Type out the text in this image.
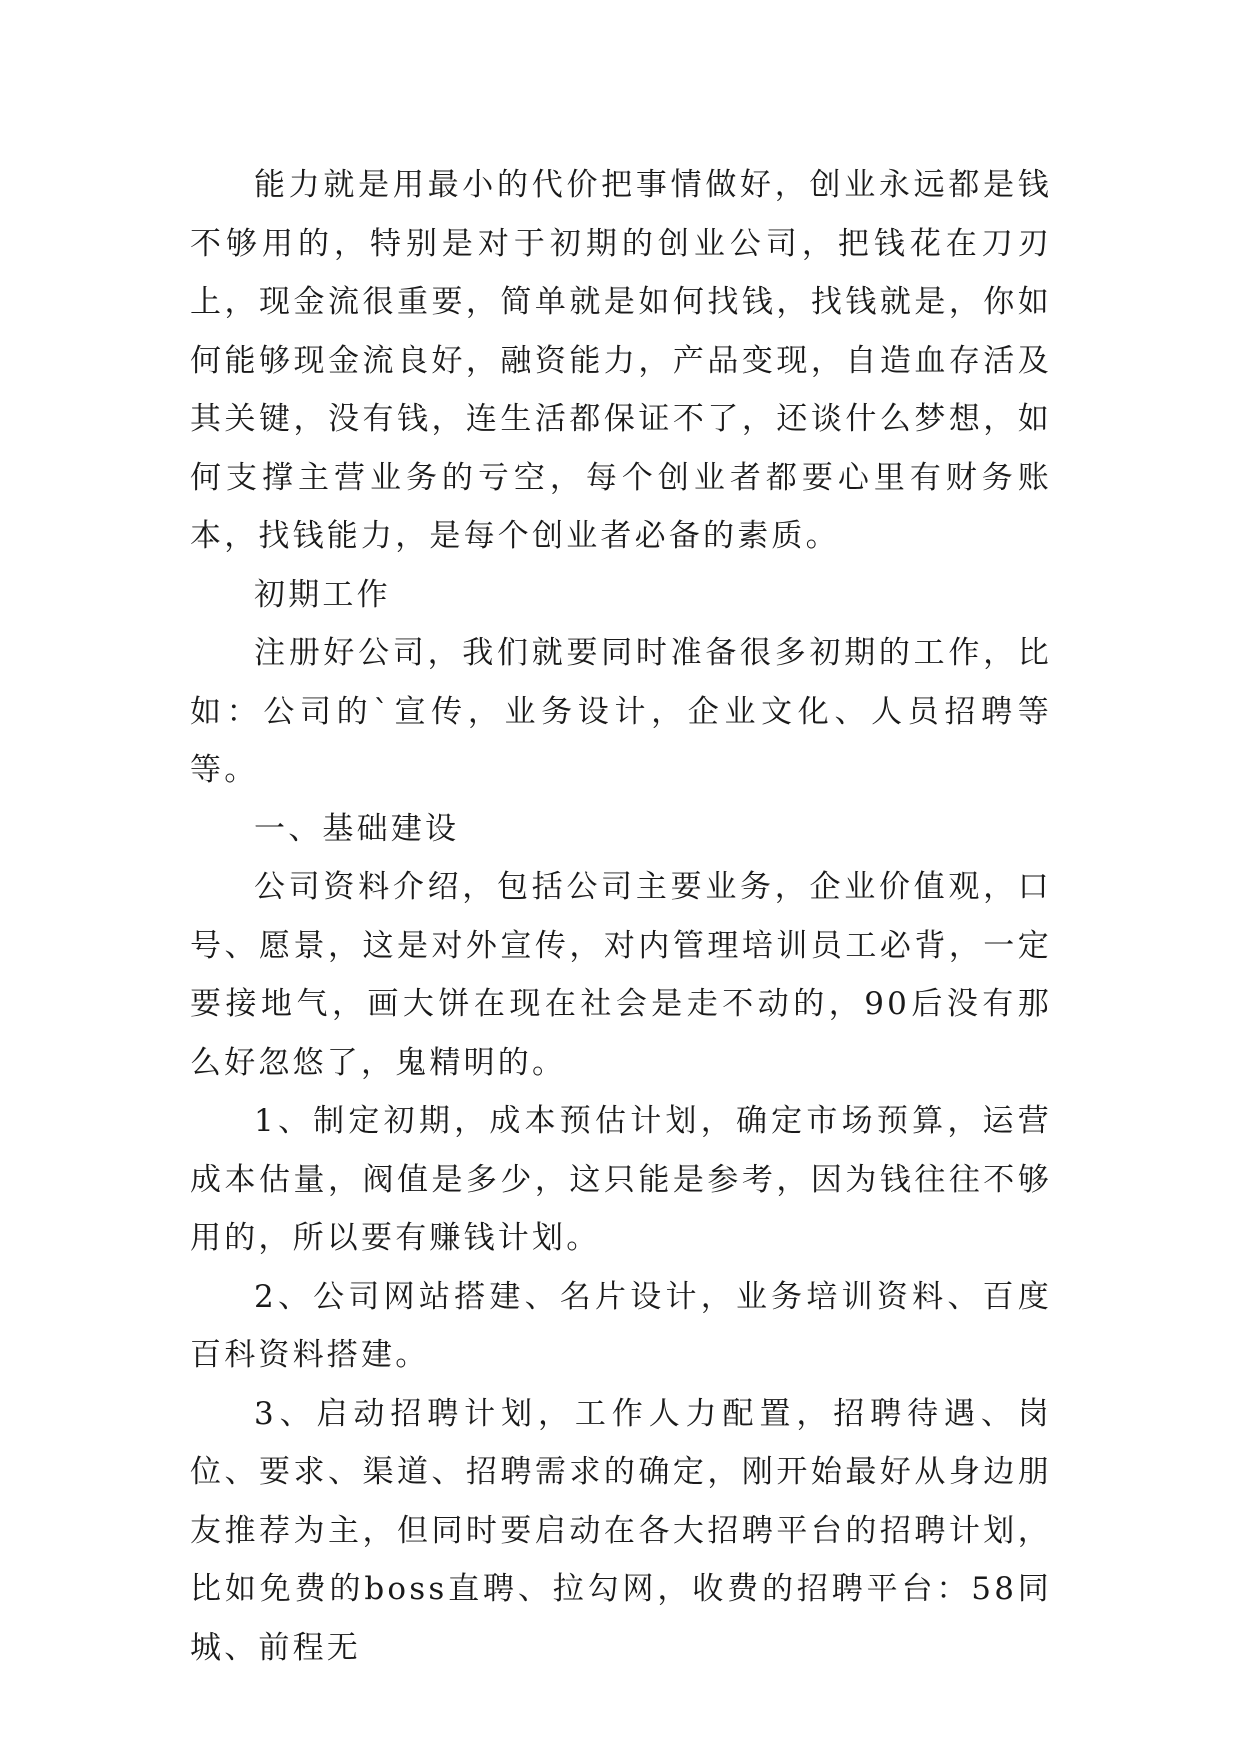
能力就是用最小的代价把事情做好，创业永远都是钱不够用的，特别是对于初期的创业公司，把钱花在刀刃上，现金流很重要，简单就是如何找钱，找钱就是，你如何能够现金流良好，融资能力，产品变现，自造血存活及其关键，没有钱，连生活都保证不了，还谈什么梦想，如何支撑主营业务的亏空，每个创业者都要心里有财务账本，找钱能力，是每个创业者必备的素质。

初期工作

注册好公司，我们就要同时准备很多初期的工作，比如：公司的`宣传，业务设计，企业文化、人员招聘等等。

一、基础建设

公司资料介绍，包括公司主要业务，企业价值观，口号、愿景，这是对外宣传，对内管理培训员工必背，一定要接地气，画大饼在现在社会是走不动的，90后没有那么好忽悠了，鬼精明的。

1、制定初期，成本预估计划，确定市场预算，运营成本估量，阀值是多少，这只能是参考，因为钱往往不够用的，所以要有赚钱计划。

2、公司网站搭建、名片设计，业务培训资料、百度百科资料搭建。

3、启动招聘计划，工作人力配置，招聘待遇、岗位、要求、渠道、招聘需求的确定，刚开始最好从身边朋友推荐为主，但同时要启动在各大招聘平台的招聘计划，比如免费的boss直聘、拉勾网，收费的招聘平台：58同城、前程无
